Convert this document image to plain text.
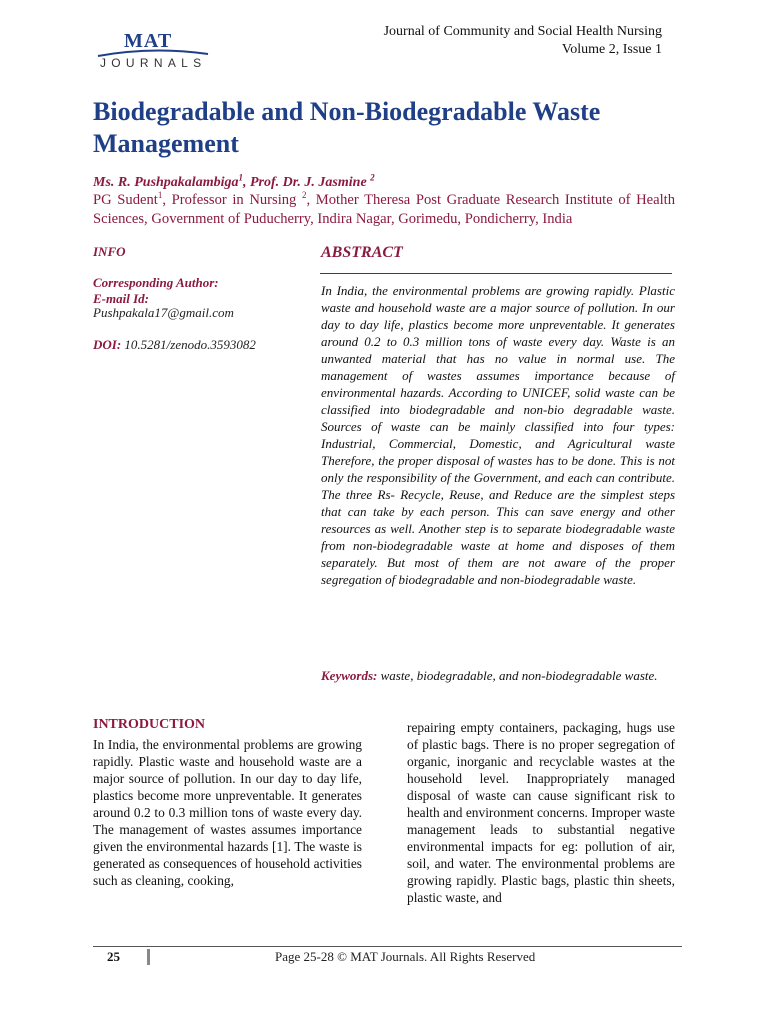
MAT
JOURNALS
Journal of Community and Social Health Nursing
Volume 2, Issue 1
Biodegradable and Non-Biodegradable Waste Management
Ms. R. Pushpakalambiga$^1$, Prof. Dr. J. Jasmine $^2$
PG Sudent$^1$, Professor in Nursing $^2$, Mother Theresa Post Graduate Research Institute of Health Sciences, Government of Puducherry, Indira Nagar, Gorimedu, Pondicherry, India
INFO
Corresponding Author:
E-mail Id:
Pushpakala17@gmail.com
DOI: 10.5281/zenodo.3593082
ABSTRACT
In India, the environmental problems are growing rapidly. Plastic waste and household waste are a major source of pollution. In our day to day life, plastics become more unpreventable. It generates around 0.2 to 0.3 million tons of waste every day. Waste is an unwanted material that has no value in normal use. The management of wastes assumes importance because of environmental hazards. According to UNICEF, solid waste can be classified into biodegradable and non-bio degradable waste. Sources of waste can be mainly classified into four types: Industrial, Commercial, Domestic, and Agricultural waste Therefore, the proper disposal of wastes has to be done. This is not only the responsibility of the Government, and each can contribute. The three Rs- Recycle, Reuse, and Reduce are the simplest steps that can take by each person. This can save energy and other resources as well. Another step is to separate biodegradable waste from non-biodegradable waste at home and disposes of them separately. But most of them are not aware of the proper segregation of biodegradable and non-biodegradable waste.
Keywords: waste, biodegradable, and non-biodegradable waste.
INTRODUCTION
In India, the environmental problems are growing rapidly. Plastic waste and household waste are a major source of pollution. In our day to day life, plastics become more unpreventable. It generates around 0.2 to 0.3 million tons of waste every day. The management of wastes assumes importance given the environmental hazards [1]. The waste is generated as consequences of household activities such as cleaning, cooking,
repairing empty containers, packaging, hugs use of plastic bags. There is no proper segregation of organic, inorganic and recyclable wastes at the household level. Inappropriately managed disposal of waste can cause significant risk to health and environment concerns. Improper waste management leads to substantial negative environmental impacts for eg: pollution of air, soil, and water. The environmental problems are growing rapidly. Plastic bags, plastic thin sheets, plastic waste, and
25	Page 25-28 © MAT Journals. All Rights Reserved
